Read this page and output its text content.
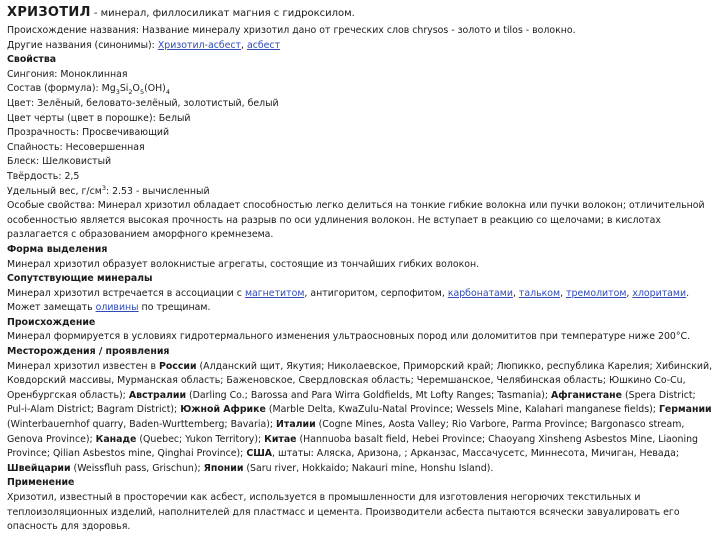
ХРИЗОТИЛ - минерал, филлосиликат магния с гидроксилом.

Происхождение названия: Название минералу хризотил дано от греческих слов chrysos - золото и tilos - волокно.

Другие названия (синонимы): Хризотил-асбест, асбест

Свойства

Сингония: Моноклинная

Состав (формула): $Mg_3Si_2O_5(OH)_4$

Цвет: Зелёный, беловато-зелёный, золотистый, белый

Цвет черты (цвет в порошке): Белый

Прозрачность: Просвечивающий

Спайность: Несовершенная

Блеск: Шелковистый

Твёрдость: 2,5

Удельный вес, $г/см^3$: 2.53 - вычисленный

Особые свойства: Минерал хризотил обладает способностью легко делиться на тонкие гибкие волокна или пучки волокон; отличительной особенностью является высокая прочность на разрыв по оси удлинения волокон. Не вступает в реакцию со щелочами; в кислотах разлагается с образованием аморфного кремнезема.

Форма выделения

Минерал хризотил образует волокнистые агрегаты, состоящие из тончайших гибких волокон.

Сопутствующие минералы

Минерал хризотил встречается в ассоциации с магнетитом, антигоритом, серпофитом, карбонатами, тальком, тремолитом, хлоритами. Может замещать оливины по трещинам.

Происхождение

Минерал формируется в условиях гидротермального изменения ультраосновных пород или доломититов при температуре ниже 200°С.

Месторождения / проявления

Минерал хризотил известен в России (Алданский щит, Якутия; Николаевское, Приморский край; Люпикко, республика Карелия; Хибинский, Ковдорский массивы, Мурманская область; Баженовское, Свердловская область; Черемшанское, Челябинская область; Юшкино Co-Cu, Оренбургская область); Австралии (Darling Co.; Barossa and Para Wirra Goldfields, Mt Lofty Ranges; Tasmania); Афганистане (Spera District; Pul-i-Alam District; Bagram District); Южной Африке (Marble Delta, KwaZulu-Natal Province; Wessels Mine, Kalahari manganese fields); Германии (Winterbauernhof quarry, Baden-Wurttemberg; Bavaria); Италии (Cogne Mines, Aosta Valley; Rio Varbore, Parma Province; Bargonasco stream, Genova Province); Канаде (Quebec; Yukon Territory); Китае (Hannuoba basalt field, Hebei Province; Chaoyang Xinsheng Asbestos Mine, Liaoning Province; Qilian Asbestos mine, Qinghai Province); США, штаты: Аляска, Аризона, ; Арканзас, Массачусетс, Миннесота, Мичиган, Невада; Швейцарии (Weissfluh pass, Grischun); Японии (Saru river, Hokkaido; Nakauri mine, Honshu Island).

Применение

Хризотил, известный в просторечии как асбест, используется в промышленности для изготовления негорючих текстильных и теплоизоляционных изделий, наполнителей для пластмасс и цемента. Производители асбеста пытаются всячески завуалировать его опасность для здоровья.
